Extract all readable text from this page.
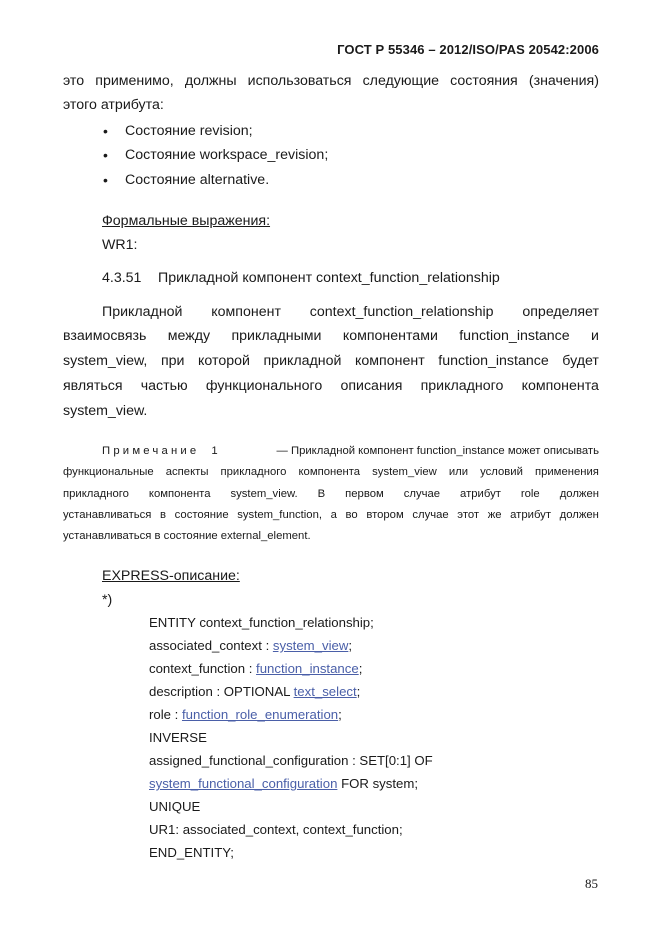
ГОСТ Р 55346 – 2012/ISO/PAS 20542:2006
это применимо, должны использоваться следующие состояния (значения)
этого атрибута:
• Состояние revision;
• Состояние workspace_revision;
• Состояние alternative.
Формальные выражения:
WR1:
4.3.51 Прикладной компонент context_function_relationship
Прикладной компонент context_function_relationship определяет
взаимосвязь между прикладными компонентами function_instance и
system_view, при которой прикладной компонент function_instance будет
являться частью функционального описания прикладного компонента
system_view.
Примечание 1	— Прикладной компонент function_instance может описывать
функциональные аспекты прикладного компонента system_view или условий применения
прикладного компонента system_view. В первом случае атрибут role должен
устанавливаться в состояние system_function, а во втором случае этот же атрибут должен
устанавливаться в состояние external_element.
EXPRESS-описание:
*)
ENTITY context_function_relationship;
associated_context : system_view;
context_function : function_instance;
description : OPTIONAL text_select;
role : function_role_enumeration;
INVERSE
assigned_functional_configuration : SET[0:1] OF
system_functional_configuration FOR system;
UNIQUE
UR1: associated_context, context_function;
END_ENTITY;
85
